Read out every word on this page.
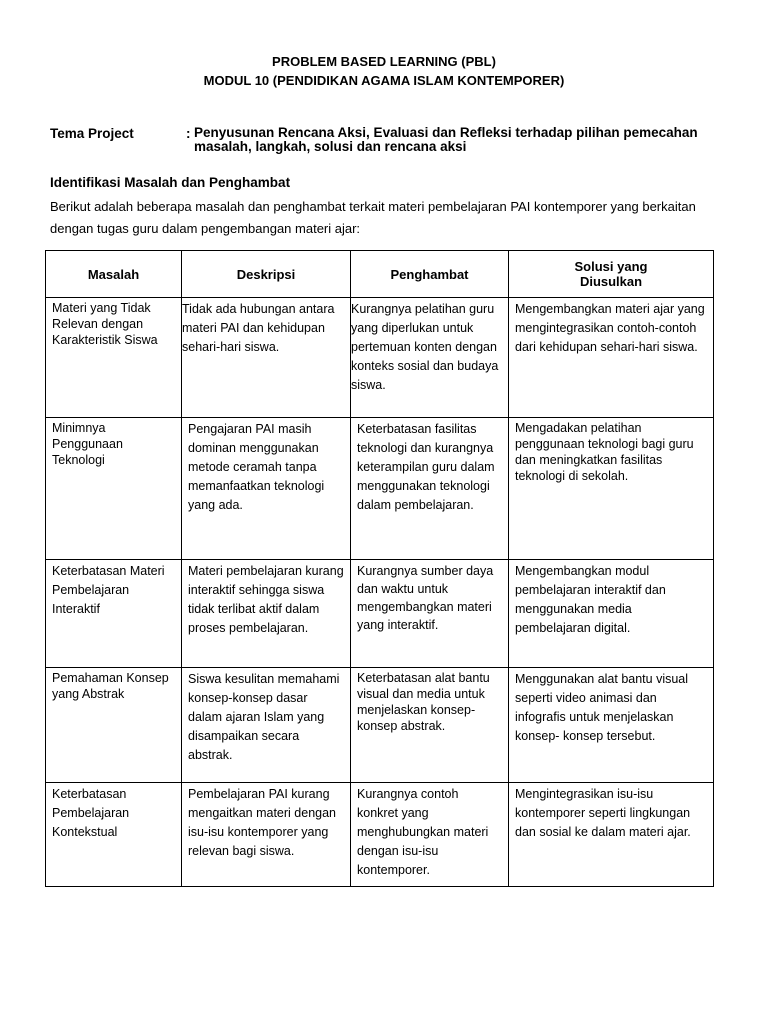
PROBLEM BASED LEARNING (PBL)
MODUL 10 (PENDIDIKAN AGAMA ISLAM KONTEMPORER)
Tema Project	: Penyusunan Rencana Aksi, Evaluasi dan Refleksi terhadap pilihan pemecahan masalah, langkah, solusi dan rencana aksi
Identifikasi Masalah dan Penghambat
Berikut adalah beberapa masalah dan penghambat terkait materi pembelajaran PAI kontemporer yang berkaitan dengan tugas guru dalam pengembangan materi ajar:
Masalah	Deskripsi	Penghambat	Solusi yang Diusulkan

Materi yang Tidak Relevan dengan Karakteristik Siswa	Tidak ada hubungan antara materi PAI dan kehidupan sehari-hari siswa.	Kurangnya pelatihan guru yang diperlukan untuk pertemuan konten dengan konteks sosial dan budaya siswa.	Mengembangkan materi ajar yang mengintegrasikan contoh-contoh dari kehidupan sehari-hari siswa.

Minimnya Penggunaan Teknologi	Pengajaran PAI masih dominan menggunakan metode ceramah tanpa memanfaatkan teknologi yang ada.	Keterbatasan fasilitas teknologi dan kurangnya keterampilan guru dalam menggunakan teknologi dalam pembelajaran.	Mengadakan pelatihan penggunaan teknologi bagi guru dan meningkatkan fasilitas teknologi di sekolah.

Keterbatasan Materi Pembelajaran Interaktif	Materi pembelajaran kurang interaktif sehingga siswa tidak terlibat aktif dalam proses pembelajaran.	Kurangnya sumber daya dan waktu untuk mengembangkan materi yang interaktif.	Mengembangkan modul pembelajaran interaktif dan menggunakan media pembelajaran digital.

Pemahaman Konsep yang Abstrak	Siswa kesulitan memahami konsep-konsep dasar dalam ajaran Islam yang disampaikan secara abstrak.	Keterbatasan alat bantu visual dan media untuk menjelaskan konsep-konsep abstrak.	Menggunakan alat bantu visual seperti video animasi dan infografis untuk menjelaskan konsep- konsep tersebut.

Keterbatasan Pembelajaran Kontekstual	Pembelajaran PAI kurang mengaitkan materi dengan isu-isu kontemporer yang relevan bagi siswa.	Kurangnya contoh konkret yang menghubungkan materi dengan isu-isu kontemporer.	Mengintegrasikan isu-isu kontemporer seperti lingkungan dan sosial ke dalam materi ajar.
